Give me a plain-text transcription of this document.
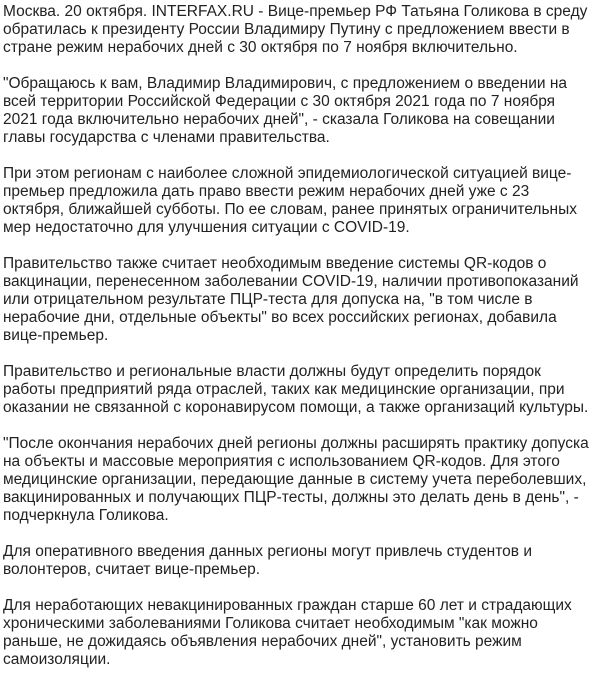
Москва. 20 октября. INTERFAX.RU - Вице-премьер РФ Татьяна Голикова в среду обратилась к президенту России Владимиру Путину с предложением ввести в стране режим нерабочих дней с 30 октября по 7 ноября включительно.

"Обращаюсь к вам, Владимир Владимирович, с предложением о введении на всей территории Российской Федерации с 30 октября 2021 года по 7 ноября 2021 года включительно нерабочих дней", - сказала Голикова на совещании главы государства с членами правительства.

При этом регионам с наиболее сложной эпидемиологической ситуацией вице-премьер предложила дать право ввести режим нерабочих дней уже с 23 октября, ближайшей субботы. По ее словам, ранее принятых ограничительных мер недостаточно для улучшения ситуации с COVID-19.

Правительство также считает необходимым введение системы QR-кодов о вакцинации, перенесенном заболевании COVID-19, наличии противопоказаний или отрицательном результате ПЦР-теста для допуска на, "в том числе в нерабочие дни, отдельные объекты" во всех российских регионах, добавила вице-премьер.

Правительство и региональные власти должны будут определить порядок работы предприятий ряда отраслей, таких как медицинские организации, при оказании не связанной с коронавирусом помощи, а также организаций культуры.

"После окончания нерабочих дней регионы должны расширять практику допуска на объекты и массовые мероприятия с использованием QR-кодов. Для этого медицинские организации, передающие данные в систему учета переболевших, вакцинированных и получающих ПЦР-тесты, должны это делать день в день", - подчеркнула Голикова.

Для оперативного введения данных регионы могут привлечь студентов и волонтеров, считает вице-премьер.

Для неработающих невакцинированных граждан старше 60 лет и страдающих хроническими заболеваниями Голикова считает необходимым "как можно раньше, не дожидаясь объявления нерабочих дней", установить режим самоизоляции.
